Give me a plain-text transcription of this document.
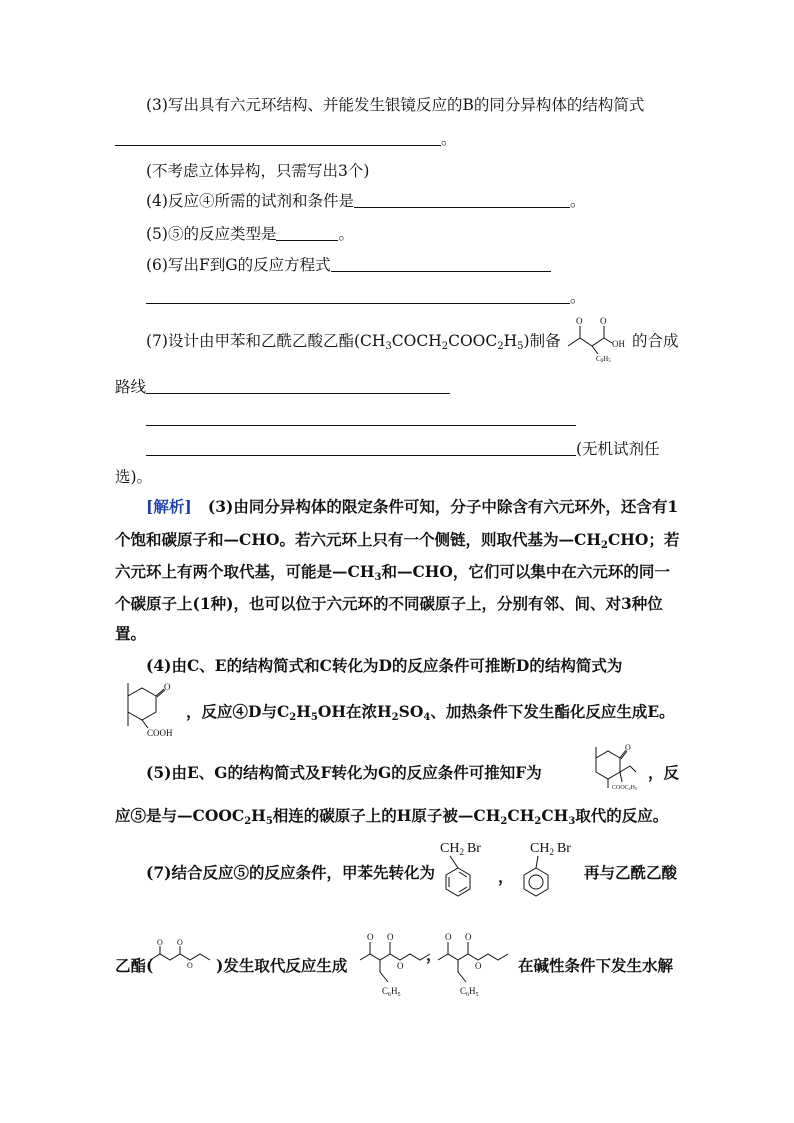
(3)写出具有六元环结构、并能发生银镜反应的B的同分异构体的结构简式
。
(不考虑立体异构，只需写出3个)
(4)反应④所需的试剂和条件是	。
(5)⑤的反应类型是	。
(6)写出F到G的反应方程式
。
(7)设计由甲苯和乙酰乙酸乙酯$(CH_3COCH_2COOC_2H_5)$制备
O O
OH
C6H5
的合成
路线
(无机试剂任
选)。
[解析] (3)由同分异构体的限定条件可知，分子中除含有六元环外，还含有1
个饱和碳原子和—CHO。若六元环上只有一个侧链，则取代基为$—CH_2CHO$；若
六元环上有两个取代基，可能是$—CH_3$和—CHO，它们可以集中在六元环的同一
个碳原子上(1种)，也可以位于六元环的不同碳原子上，分别有邻、间、对3种位
置。
(4)由C、E的结构简式和C转化为D的反应条件可推断D的结构简式为
O
COOH
，反应④D与$C_2H_5OH$在浓$H_2SO_4$、加热条件下发生酯化反应生成E。
(5)由E、G的结构简式及F转化为G的反应条件可推知F为
O
COOC2H5
，反
应⑤是与$—COOC_2H_5$相连的碳原子上的H原子被$—CH_2CH_2CH_3$取代的反应。
(7)结合反应⑤的反应条件，甲苯先转化为
$CH_2$ Br
，
$CH_2$ Br
再与乙酰乙酸
乙酯(
O O
O )发生取代反应生成
O O
O
$C_6H_5$
，
O O
O
$C_6H_5$
在碱性条件下发生水解
